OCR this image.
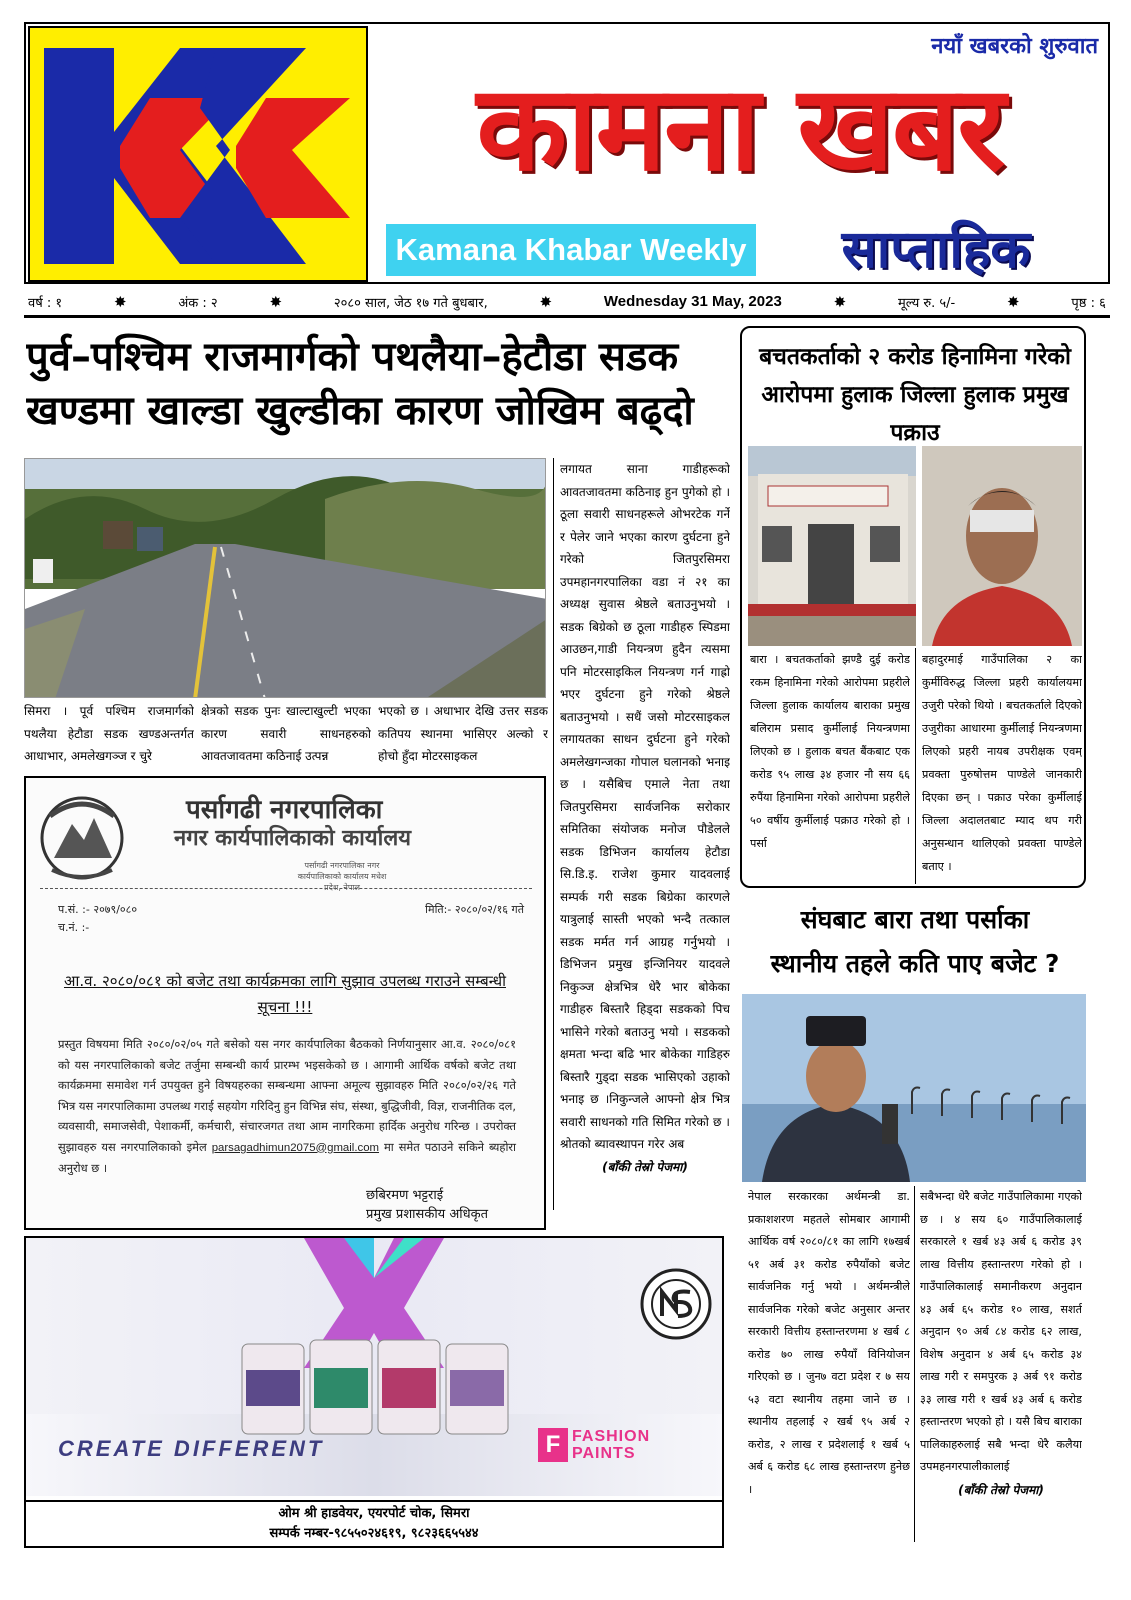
नयाँ खबरको शुरुवात
कामना खबर
Kamana Khabar Weekly	साप्ताहिक
वर्ष : १	✸	अंक : २	✸	२०८० साल, जेठ १७ गते बुधबार,	✸	Wednesday 31 May, 2023	✸	मूल्य रु. ५/-	✸	पृष्ठ : ६
पुर्व–पश्चिम राजमार्गको पथलैया–हेटौडा सडक
खण्डमा खाल्डा खुल्डीका कारण जोखिम बढ्दो
सिमरा । पूर्व पश्चिम राजमार्गको पथलैया हेटौडा सडक खण्डअन्तर्गत आधाभार, अमलेखगञ्ज र चुरे
क्षेत्रको सडक पुनः खाल्टाखुल्टी भएका कारण सवारी साधनहरुको आवतजावतमा कठिनाई उत्पन्न
भएको छ । अधाभार देखि उत्तर सडक कतिपय स्थानमा भासिएर अल्को र होचो हुँदा मोटरसाइकल
लगायत साना गाडीहरूको आवतजावतमा कठिनाइ हुन पुगेको हो । ठूला सवारी साधनहरूले ओभरटेक गर्ने र पेलेर जाने भएका कारण दुर्घटना हुने गरेको जितपुरसिमरा उपमहानगरपालिका वडा नं २१ का अध्यक्ष सुवास श्रेष्ठले बताउनुभयो । सडक बिग्रेको छ ठूला गाडीहरु स्पिडमा आउछन,गाडी नियन्त्रण हुदैन त्यसमा पनि मोटरसाइकिल नियन्त्रण गर्न गाह्रो भएर दुर्घटना हुने गरेको श्रेष्ठले बताउनुभयो । सधैं जसो मोटरसाइकल लगायतका साधन दुर्घटना हुने गरेको अमलेखगन्जका गोपाल घलानको भनाइ छ । यसैबिच एमाले नेता तथा जितपुरसिमरा सार्वजनिक सरोकार समितिका संयोजक मनोज पौडेलले सडक डिभिजन कार्यालय हेटौडा सि.डि.इ. राजेश कुमार यादवलाई सम्पर्क गरी सडक बिग्रेका कारणले यात्रुलाई सास्ती भएको भन्दै तत्काल सडक मर्मत गर्न आग्रह गर्नुभयो । डिभिजन प्रमुख इन्जिनियर यादवले निकुञ्ज क्षेत्रभित्र धेरै भार बोकेका गाडीहरु बिस्तारै हिड्दा सडकको पिच भासिने गरेको बताउनु भयो । सडकको क्षमता भन्दा बढि भार बोकेका गाडिहरु बिस्तारै गुड्दा सडक भासिएको उहाको भनाइ छ ।निकुन्जले आफ्नो क्षेत्र भित्र सवारी साधनको गति सिमित गरेको छ । श्रोतको ब्यावस्थापन गरेर अब
(बाँकी तेस्रो पेजमा)
पर्सागढी नगरपालिका
नगर कार्यपालिकाको कार्यालय
पर्सागढी नगरपालिका नगर कार्यपालिकाको कार्यालय मधेश प्रदेश, नेपाल
प.सं. :- २०७९/०८०
च.नं. :-
मिति:- २०८०/०२/१६ गते
आ.व. २०८०/०८१ को बजेट तथा कार्यक्रमका लागि सुझाव उपलब्ध गराउने सम्बन्धी सूचना !!!
प्रस्तुत विषयमा मिति २०८०/०२/०५ गते बसेको यस नगर कार्यपालिका बैठकको निर्णयानुसार आ.व. २०८०/०८१ को यस नगरपालिकाको बजेट तर्जुमा सम्बन्धी कार्य प्रारम्भ भइसकेको छ । आगामी आर्थिक वर्षको बजेट तथा कार्यक्रममा समावेश गर्न उपयुक्त हुने विषयहरुका सम्बन्धमा आफ्ना अमूल्य सुझावहरु मिति २०८०/०२/२६ गते भित्र यस नगरपालिकामा उपलब्ध गराई सहयोग गरिदिनु हुन विभिन्न संघ, संस्था, बुद्धिजीवी, विज्ञ, राजनीतिक दल, व्यवसायी, समाजसेवी, पेशाकर्मी, कर्मचारी, संचारजगत तथा आम नागरिकमा हार्दिक अनुरोध गरिन्छ । उपरोक्त सुझावहरु यस नगरपालिकाको इमेल parsagadhimun2075@gmail.com मा समेत पठाउने सकिने ब्यहोरा अनुरोध छ ।
छबिरमण भट्टराई
प्रमुख प्रशासकीय अधिकृत
CREATE DIFFERENT	F FASHION
PAINTS
ओम श्री हाडवेयर, एयरपोर्ट चोक, सिमरा
सम्पर्क नम्बर-९८५५०२४६१९, ९८२३६६५५४४
बचतकर्ताको २ करोड हिनामिना गरेको
आरोपमा हुलाक जिल्ला हुलाक प्रमुख पक्राउ
बारा । बचतकर्ताको झण्डै दुई करोड रकम हिनामिना गरेको आरोपमा प्रहरीले जिल्ला हुलाक कार्यालय बाराका प्रमुख बलिराम प्रसाद कुर्मीलाई नियन्त्रणमा लिएको छ । हुलाक बचत बैंकबाट एक करोड ९५ लाख ३४ हजार नौ सय ६६ रुपैंया हिनामिना गरेको आरोपमा प्रहरीले ५० वर्षीय कुर्मीलाई पक्राउ गरेको हो । पर्सा
बहादुरमाई गाउँपालिका २ का कुर्मीविरुद्ध जिल्ला प्रहरी कार्यालयमा उजुरी परेको थियो । बचतकर्ताले दिएको उजुरीका आधारमा कुर्मीलाई नियन्त्रणमा लिएको प्रहरी नायब उपरीक्षक एवम् प्रवक्ता पुरुषोत्तम पाण्डेले जानकारी दिएका छन् । पक्राउ परेका कुर्मीलाई जिल्ला अदालतबाट म्याद थप गरी अनुसन्धान थालिएको प्रवक्ता पाण्डेले बताए ।
संघबाट बारा तथा पर्साका
स्थानीय तहले कति पाए बजेट ?
नेपाल सरकारका अर्थमन्त्री डा. प्रकाशशरण महतले सोमबार आगामी आर्थिक वर्ष २०८०/८१ का लागि १७खर्ब ५१ अर्ब ३१ करोड रुपैयाँको बजेट सार्वजनिक गर्नु भयो । अर्थमन्त्रीले सार्वजनिक गरेको बजेट अनुसार अन्तर सरकारी वित्तीय हस्तान्तरणमा ४ खर्ब ८ करोड ७० लाख रुपैयाँ विनियोजन गरिएको छ । जुन७ वटा प्रदेश र ७ सय ५३ वटा स्थानीय तहमा जाने छ । स्थानीय तहलाई २ खर्ब ९५ अर्ब २ करोड, २ लाख र प्रदेशलाई १ खर्ब ५ अर्ब ६ करोड ६८ लाख हस्तान्तरण हुनेछ ।
सबैभन्दा धेरै बजेट गाउँपालिकामा गएको छ । ४ सय ६० गाउँपालिकालाई सरकारले १ खर्ब ४३ अर्ब ६ करोड ३९ लाख वित्तीय हस्तान्तरण गरेको हो । गाउँपालिकालाई समानीकरण अनुदान ४३ अर्ब ६५ करोड १० लाख, सशर्त अनुदान ९० अर्ब ८४ करोड ६२ लाख, विशेष अनुदान ४ अर्ब ६५ करोड ३४ लाख गरी र समपुरक ३ अर्ब ९१ करोड ३३ लाख गरी १ खर्ब ४३ अर्ब ६ करोड हस्तान्तरण भएको हो । यसै बिच बाराका पालिकाहरुलाई सबै भन्दा धेरै कलैया उपमहनगरपालीकालाई
(बाँकी तेस्रो पेजमा)
